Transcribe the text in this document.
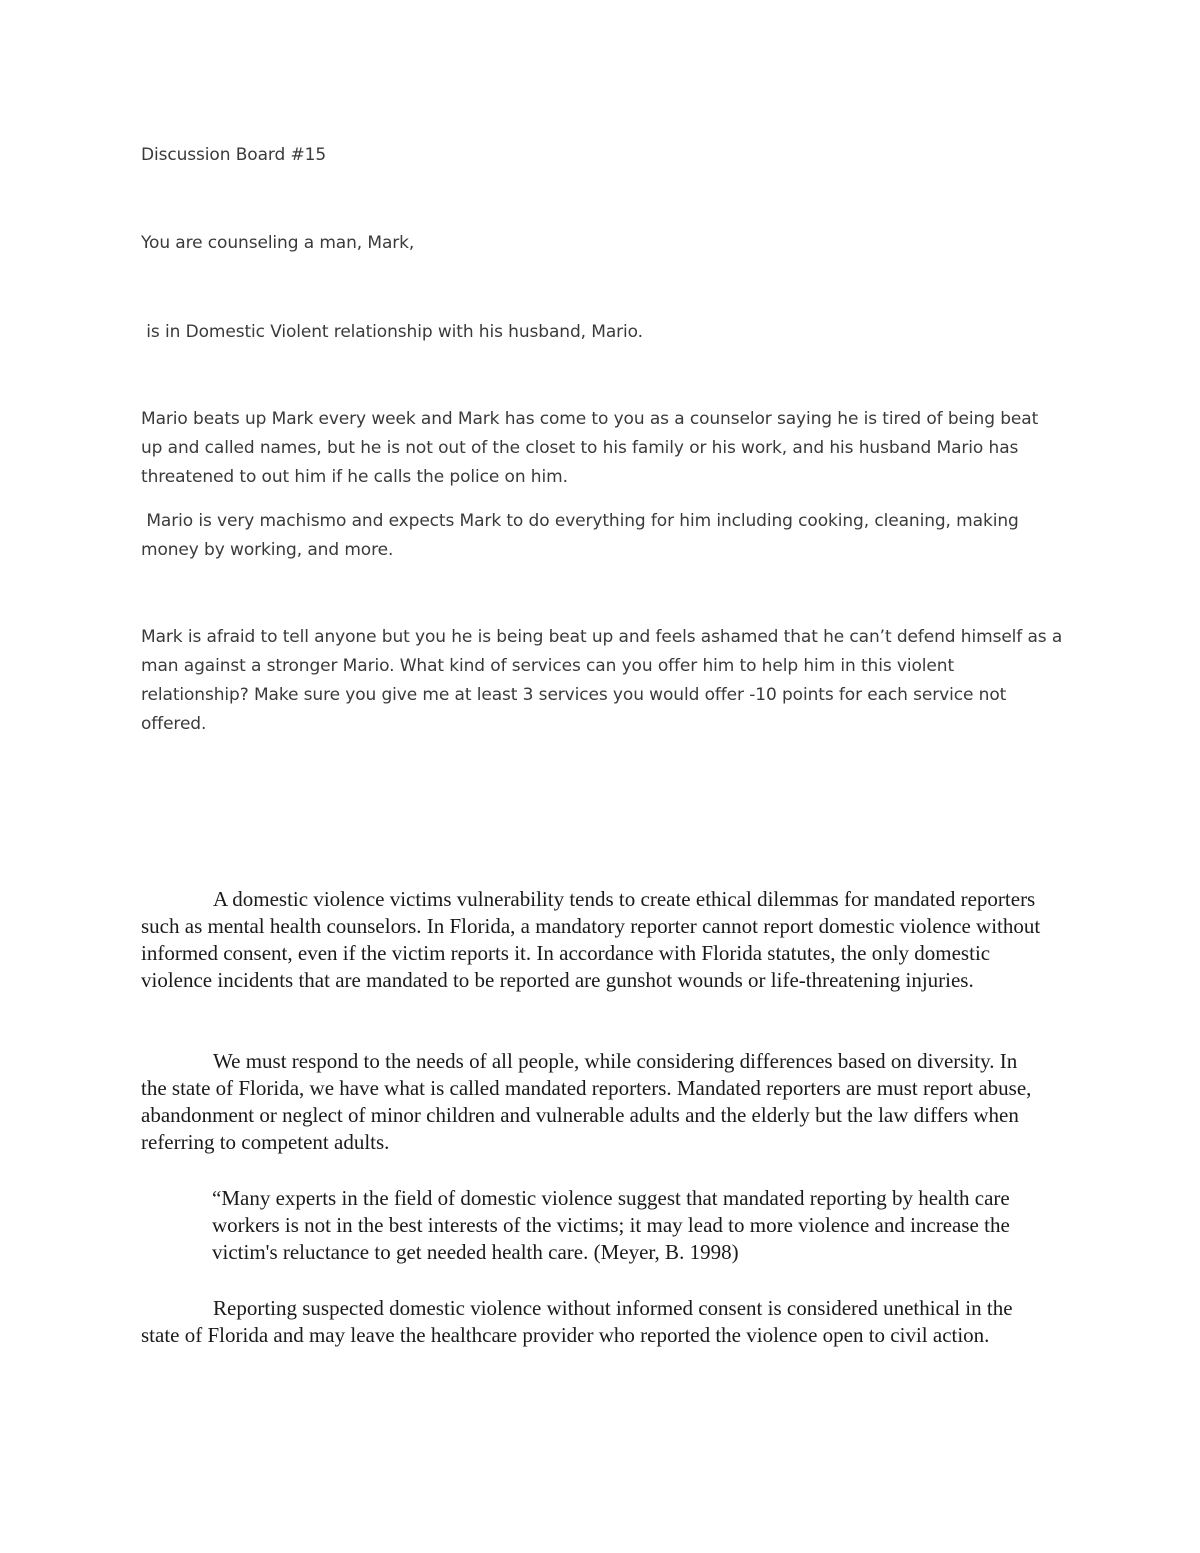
Discussion Board #15

You are counseling a man, Mark,

is in Domestic Violent relationship with his husband, Mario.

Mario beats up Mark every week and Mark has come to you as a counselor saying he is tired of being beat up and called names, but he is not out of the closet to his family or his work, and his husband Mario has threatened to out him if he calls the police on him.

Mario is very machismo and expects Mark to do everything for him including cooking, cleaning, making money by working, and more.

Mark is afraid to tell anyone but you he is being beat up and feels ashamed that he can’t defend himself as a man against a stronger Mario. What kind of services can you offer him to help him in this violent relationship? Make sure you give me at least 3 services you would offer -10 points for each service not offered.

A domestic violence victims vulnerability tends to create ethical dilemmas for mandated reporters such as mental health counselors. In Florida, a mandatory reporter cannot report domestic violence without informed consent, even if the victim reports it. In accordance with Florida statutes, the only domestic violence incidents that are mandated to be reported are gunshot wounds or life-threatening injuries.

We must respond to the needs of all people, while considering differences based on diversity. In the state of Florida, we have what is called mandated reporters. Mandated reporters are must report abuse, abandonment or neglect of minor children and vulnerable adults and the elderly but the law differs when referring to competent adults.

“Many experts in the field of domestic violence suggest that mandated reporting by health care workers is not in the best interests of the victims; it may lead to more violence and increase the victim's reluctance to get needed health care. (Meyer, B. 1998)

Reporting suspected domestic violence without informed consent is considered unethical in the state of Florida and may leave the healthcare provider who reported the violence open to civil action.
